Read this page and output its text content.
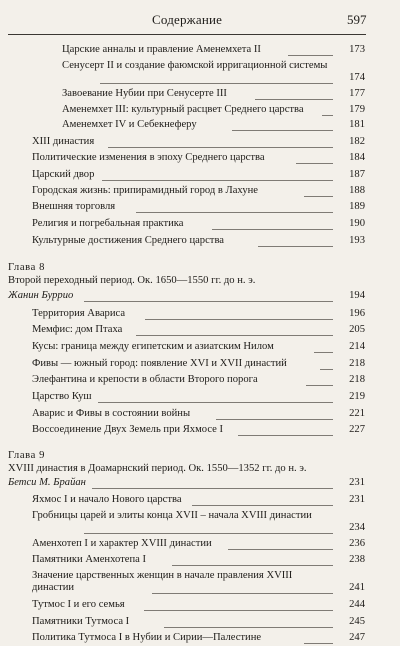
Содержание	597
Царские анналы и правление Аменемхета II	173
Сенусерт II и создание фаюмской ирригационной системы
174
Завоевание Нубии при Сенусерте III	177
Аменемхет III: культурный расцвет Среднего царства	179
Аменемхет IV и Себекнеферу	181
XIII династия	182
Политические изменения в эпоху Среднего царства	184
Царский двор	187
Городская жизнь: припирамидный город в Лахуне	188
Внешняя торговля	189
Религия и погребальная практика	190
Культурные достижения Среднего царства	193
Глава 8
Второй переходный период. Ок. 1650—1550 гг. до н. э.
Жанин Буррио	194
Территория Авариса	196
Мемфис: дом Птаха	205
Кусы: граница между египетским и азиатским Нилом	214
Фивы — южный город: появление XVI и XVII династий	218
Элефантина и крепости в области Второго порога	218
Царство Куш	219
Аварис и Фивы в состоянии войны	221
Воссоединение Двух Земель при Яхмосе I	227
Глава 9
XVIII династия в Доамарнский период. Ок. 1550—1352 гг. до н. э.
Бетси М. Брайан	231
Яхмос I и начало Нового царства	231
Гробницы царей и элиты конца XVII – начала XVIII династии
234
Аменхотеп I и характер XVIII династии	236
Памятники Аменхотепа I	238
Значение царственных женщин в начале правления XVIII династии	241
Тутмос I и его семья	244
Памятники Тутмоса I	245
Политика Тутмоса I в Нубии и Сирии—Палестине	247
